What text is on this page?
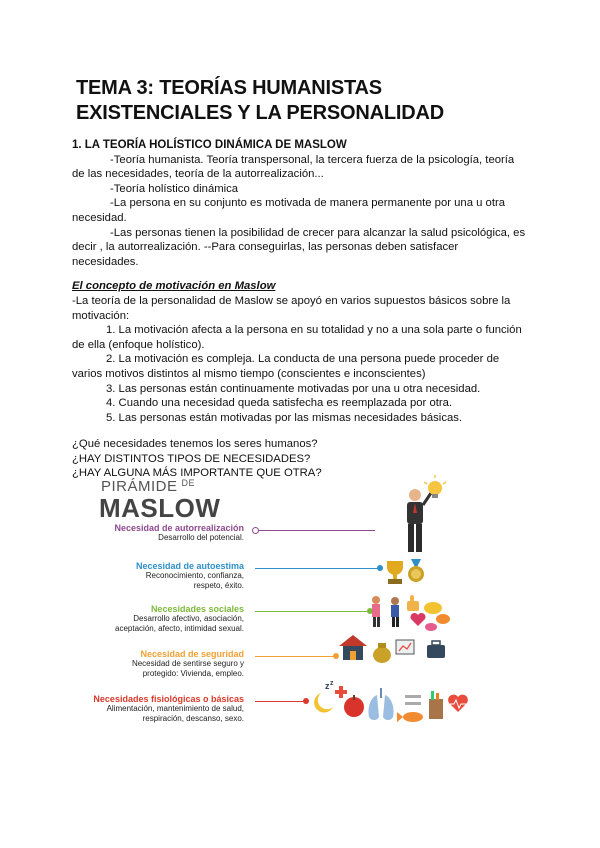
TEMA 3: TEORÍAS HUMANISTAS
EXISTENCIALES Y LA PERSONALIDAD

1. LA TEORÍA HOLÍSTICO DINÁMICA DE MASLOW

-Teoría humanista. Teoría transpersonal, la tercera fuerza de la psicología, teoría de las necesidades, teoría de la autorrealización...

-Teoría holístico dinámica

-La persona en su conjunto es motivada de manera permanente por una u otra necesidad.

-Las personas tienen la posibilidad de crecer para alcanzar la salud psicológica, es decir , la autorrealización. --Para conseguirlas, las personas deben satisfacer necesidades.

El concepto de motivación en Maslow

-La teoría de la personalidad de Maslow se apoyó en varios supuestos básicos sobre la motivación:

1. La motivación afecta a la persona en su totalidad y no a una sola parte o función de ella (enfoque holístico).

2. La motivación es compleja. La conducta de una persona puede proceder de varios motivos distintos al mismo tiempo (conscientes e inconscientes)

3. Las personas están continuamente motivadas por una u otra necesidad.

4. Cuando una necesidad queda satisfecha es reemplazada por otra.

5. Las personas están motivadas por las mismas necesidades básicas.

¿Qué necesidades tenemos los seres humanos?

¿HAY DISTINTOS TIPOS DE NECESIDADES?

¿HAY ALGUNA MÁS IMPORTANTE QUE OTRA?

PIRÁMIDE $^{DE}$
MASLOW
Necesidad de autorrealización
Desarrollo del potencial.
Necesidad de autoestima
Reconocimiento, confianza,
respeto, éxito.
Necesidades sociales
Desarrollo afectivo, asociación,
aceptación, afecto, intimidad sexual.
Necesidad de seguridad
Necesidad de sentirse seguro y
protegido: Vivienda, empleo.
Necesidades fisiológicas o básicas
Alimentación, mantenimiento de salud,
respiración, descanso, sexo.
z z
